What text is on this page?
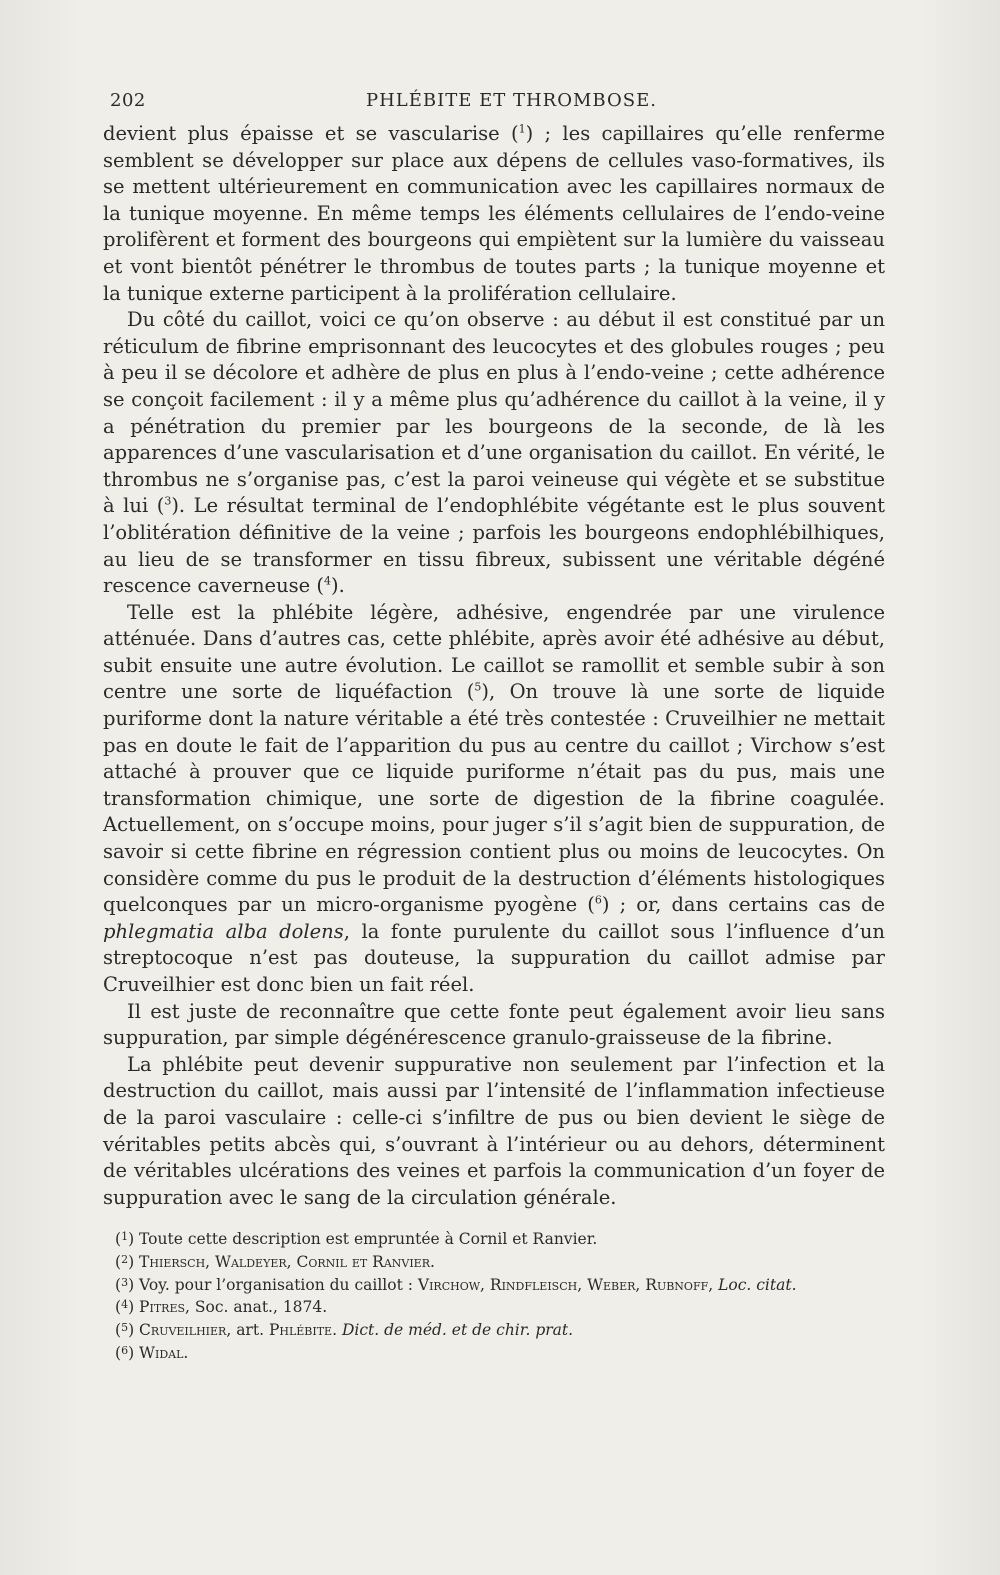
202	PHLÉBITE ET THROMBOSE.

devient plus épaisse et se vascularise ($^1$) ; les capillaires qu’elle renferme semblent se développer sur place aux dépens de cellules vaso-formatives, ils se mettent ultérieurement en communication avec les capillaires normaux de la tunique moyenne. En même temps les éléments cellulaires de l’endo-veine prolifèrent et forment des bourgeons qui empiètent sur la lumière du vaisseau et vont bientôt pénétrer le thrombus de toutes parts ; la tunique moyenne et la tunique externe participent à la prolifération cellulaire.

Du côté du caillot, voici ce qu’on observe : au début il est constitué par un réticulum de fibrine emprisonnant des leucocytes et des globules rouges ; peu à peu il se décolore et adhère de plus en plus à l’endo-veine ; cette adhérence se conçoit facilement : il y a même plus qu’adhérence du caillot à la veine, il y a pénétration du premier par les bourgeons de la seconde, de là les apparences d’une vascularisation et d’une organisation du caillot. En vérité, le thrombus ne s’organise pas, c’est la paroi veineuse qui végète et se substitue à lui ($^3$). Le résultat terminal de l’endophlébite végétante est le plus souvent l’oblitération définitive de la veine ; parfois les bourgeons endophlébilhiques, au lieu de se transformer en tissu fibreux, subissent une véritable dégéné rescence caverneuse ($^4$).

Telle est la phlébite légère, adhésive, engendrée par une virulence atténuée. Dans d’autres cas, cette phlébite, après avoir été adhésive au début, subit ensuite une autre évolution. Le caillot se ramollit et semble subir à son centre une sorte de liquéfaction ($^5$), On trouve là une sorte de liquide puriforme dont la nature véritable a été très contestée : Cruveilhier ne mettait pas en doute le fait de l’apparition du pus au centre du caillot ; Virchow s’est attaché à prouver que ce liquide puriforme n’était pas du pus, mais une transformation chimique, une sorte de digestion de la fibrine coagulée. Actuellement, on s’occupe moins, pour juger s’il s’agit bien de suppuration, de savoir si cette fibrine en régression contient plus ou moins de leucocytes. On considère comme du pus le produit de la destruction d’éléments histologiques quelconques par un micro-organisme pyogène ($^6$) ; or, dans certains cas de phlegmatia alba dolens, la fonte purulente du caillot sous l’influence d’un streptocoque n’est pas douteuse, la suppuration du caillot admise par Cruveilhier est donc bien un fait réel.

Il est juste de reconnaître que cette fonte peut également avoir lieu sans suppuration, par simple dégénérescence granulo-graisseuse de la fibrine.

La phlébite peut devenir suppurative non seulement par l’infection et la destruction du caillot, mais aussi par l’intensité de l’inflammation infectieuse de la paroi vasculaire : celle-ci s’infiltre de pus ou bien devient le siège de véritables petits abcès qui, s’ouvrant à l’intérieur ou au dehors, déterminent de véritables ulcérations des veines et parfois la communication d’un foyer de suppuration avec le sang de la circulation générale.

($^1$) Toute cette description est empruntée à Cornil et Ranvier.

($^2$) Thiersch, Waldeyer, Cornil et Ranvier.

($^3$) Voy. pour l’organisation du caillot : Virchow, Rindfleisch, Weber, Rubnoff, Loc. citat.

($^4$) Pitres, Soc. anat., 1874.

($^5$) Cruveilhier, art. Phlébite. Dict. de méd. et de chir. prat.

($^6$) Widal.
